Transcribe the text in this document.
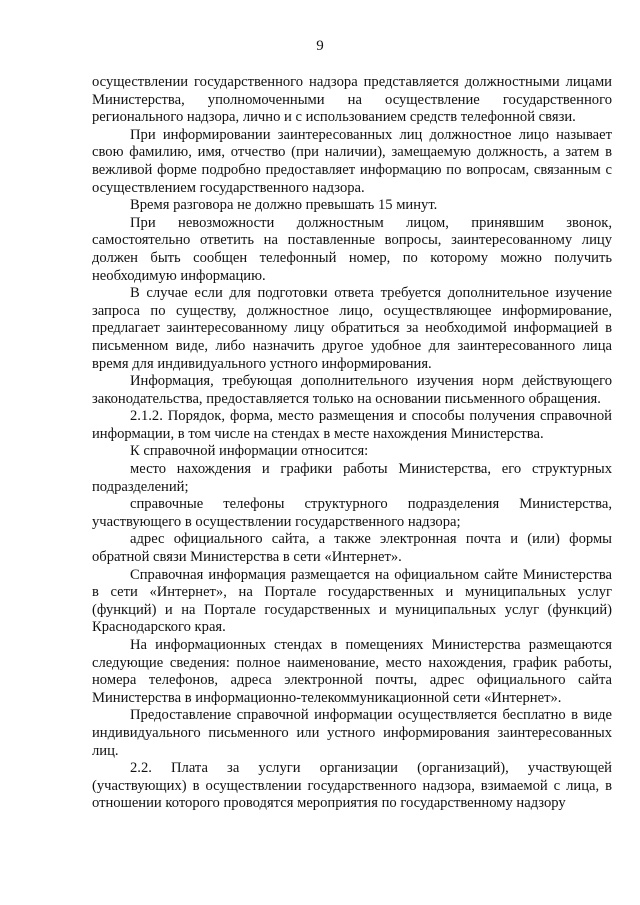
9

осуществлении государственного надзора представляется должностными лицами Министерства, уполномоченными на осуществление государственного регионального надзора, лично и с использованием средств телефонной связи.

При информировании заинтересованных лиц должностное лицо называет свою фамилию, имя, отчество (при наличии), замещаемую должность, а затем в вежливой форме подробно предоставляет информацию по вопросам, связанным с осуществлением государственного надзора.

Время разговора не должно превышать 15 минут.

При невозможности должностным лицом, принявшим звонок, самостоятельно ответить на поставленные вопросы, заинтересованному лицу должен быть сообщен телефонный номер, по которому можно получить необходимую информацию.

В случае если для подготовки ответа требуется дополнительное изучение запроса по существу, должностное лицо, осуществляющее информирование, предлагает заинтересованному лицу обратиться за необходимой информацией в письменном виде, либо назначить другое удобное для заинтересованного лица время для индивидуального устного информирования.

Информация, требующая дополнительного изучения норм действующего законодательства, предоставляется только на основании письменного обращения.

2.1.2. Порядок, форма, место размещения и способы получения справочной информации, в том числе на стендах в месте нахождения Министерства.

К справочной информации относится:

место нахождения и графики работы Министерства, его структурных подразделений;

справочные телефоны структурного подразделения Министерства, участвующего в осуществлении государственного надзора;

адрес официального сайта, а также электронная почта и (или) формы обратной связи Министерства в сети «Интернет».

Справочная информация размещается на официальном сайте Министерства в сети «Интернет», на Портале государственных и муниципальных услуг (функций) и на Портале государственных и муниципальных услуг (функций) Краснодарского края.

На информационных стендах в помещениях Министерства размещаются следующие сведения: полное наименование, место нахождения, график работы, номера телефонов, адреса электронной почты, адрес официального сайта Министерства в информационно-телекоммуникационной сети «Интернет».

Предоставление справочной информации осуществляется бесплатно в виде индивидуального письменного или устного информирования заинтересованных лиц.

2.2. Плата за услуги организации (организаций), участвующей (участвующих) в осуществлении государственного надзора, взимаемой с лица, в отношении которого проводятся мероприятия по государственному надзору
